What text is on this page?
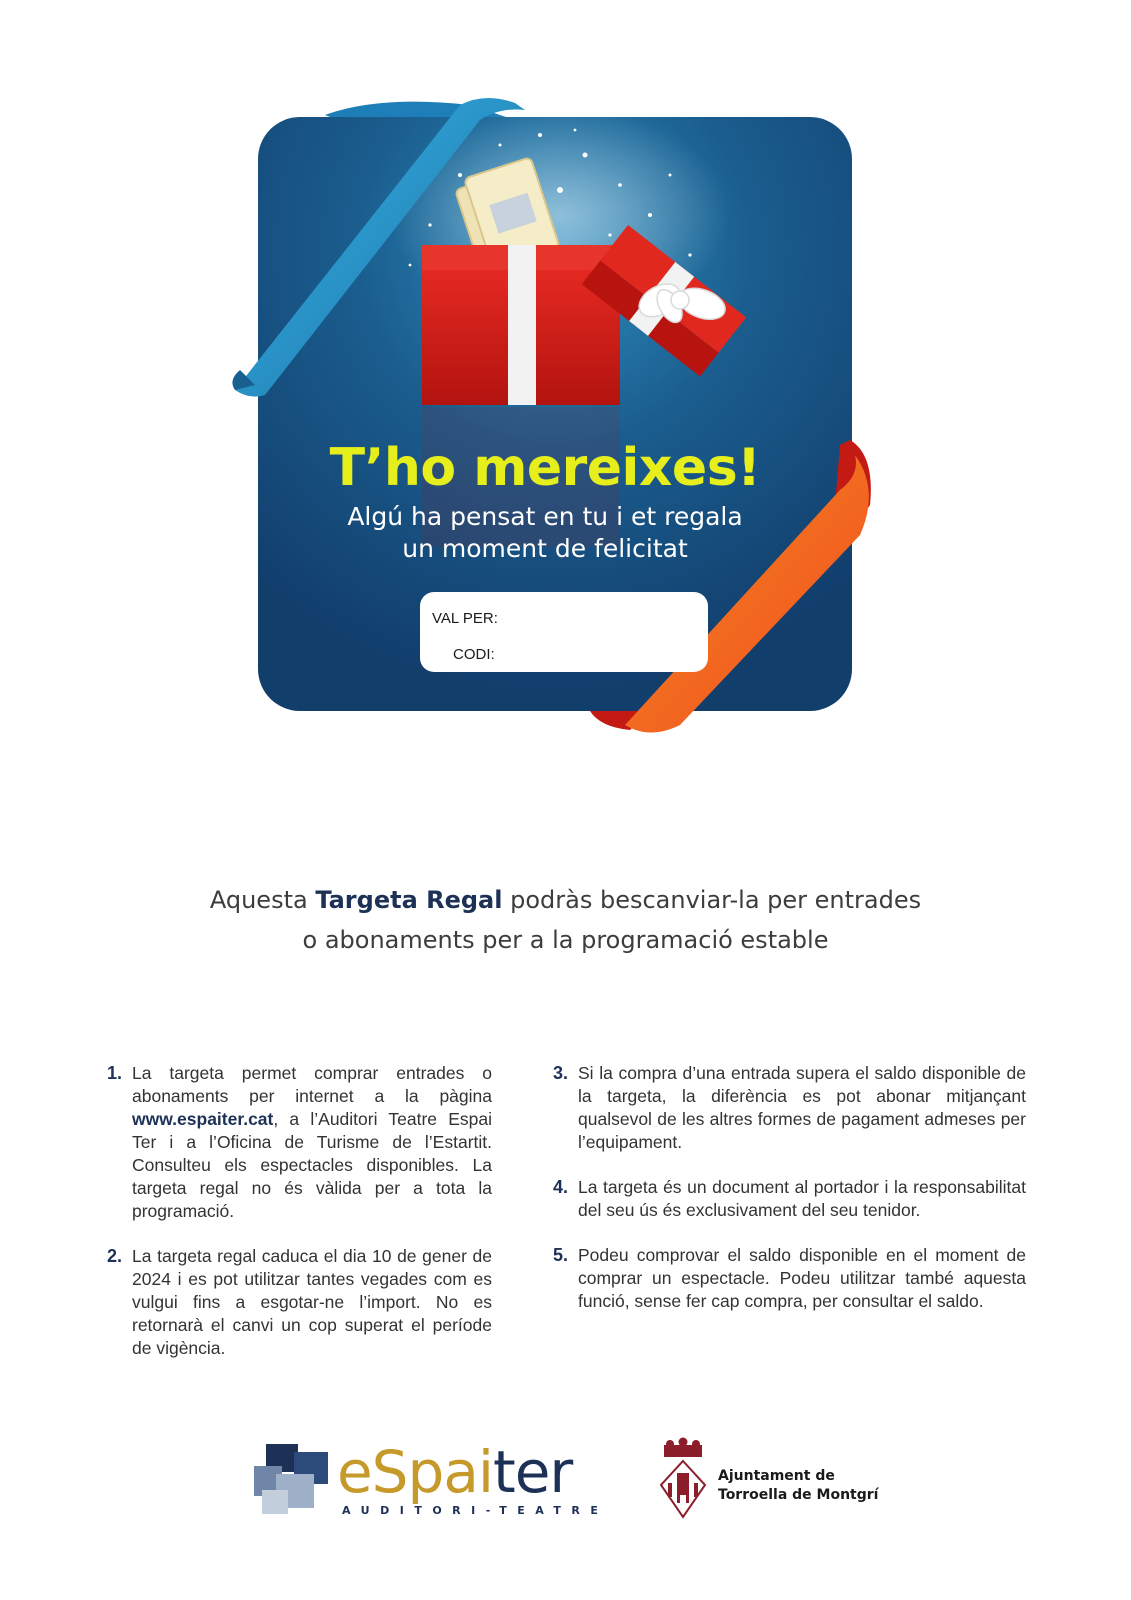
T’ho mereixes!

Algú ha pensat en tu i et regala
un moment de felicitat
VAL PER:
CODI:
Aquesta Targeta Regal podràs bescanviar-la per entrades
o abonaments per a la programació estable
1. La targeta permet comprar entrades o abonaments per internet a la pàgina www.espaiter.cat, a l’Auditori Teatre Espai Ter i a l’Oficina de Turisme de l’Estartit. Consulteu els espectacles disponibles. La targeta regal no és vàlida per a tota la programació.
2. La targeta regal caduca el dia 10 de gener de 2024 i es pot utilitzar tantes vegades com es vulgui fins a esgotar-ne l’import. No es retornarà el canvi un cop superat el període de vigència.
3. Si la compra d’una entrada supera el saldo disponible de la targeta, la diferència es pot abonar mitjançant qualsevol de les altres formes de pagament admeses per l’equipament.
4. La targeta és un document al portador i la responsabilitat del seu ús és exclusivament del seu tenidor.
5. Podeu comprovar el saldo disponible en el moment de comprar un espectacle. Podeu utilitzar també aquesta funció, sense fer cap compra, per consultar el saldo.
eSpaiter
AUDITORI-TEATRE
Ajuntament de
Torroella de Montgrí
